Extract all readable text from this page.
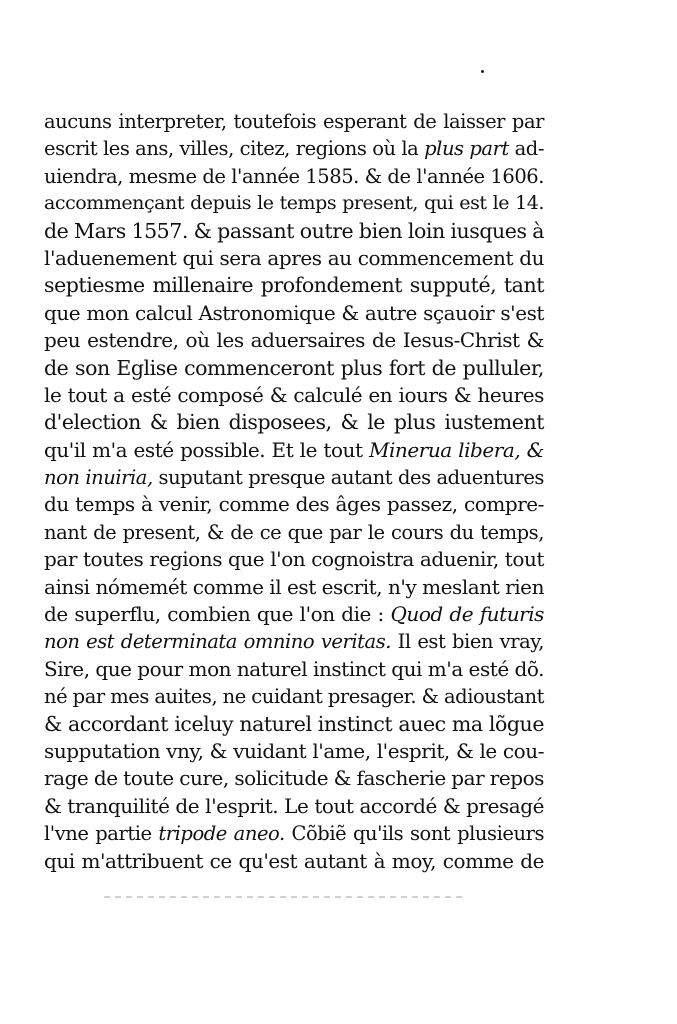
aucuns interpreter, toutefois esperant de laisser par
escrit les ans, villes, citez, regions où la plus part ad-
uiendra, mesme de l'année 1585. & de l'année 1606.
accommençant depuis le temps present, qui est le 14.
de Mars 1557. & passant outre bien loin iusques à
l'aduenement qui sera apres au commencement du
septiesme millenaire profondement supputé, tant
que mon calcul Astronomique & autre sçauoir s'est
peu estendre, où les aduersaires de Iesus-Christ &
de son Eglise commenceront plus fort de pulluler,
le tout a esté composé & calculé en iours & heures
d'election & bien disposees, & le plus iustement
qu'il m'a esté possible. Et le tout Minerua libera, &
non inuiria, suputant presque autant des aduentures
du temps à venir, comme des âges passez, compre-
nant de present, & de ce que par le cours du temps,
par toutes regions que l'on cognoistra aduenir, tout
ainsi nómemét comme il est escrit, n'y meslant rien
de superflu, combien que l'on die : Quod de futuris
non est determinata omnino veritas. Il est bien vray,
Sire, que pour mon naturel instinct qui m'a esté dõ.
né par mes auites, ne cuidant presager. & adioustant
& accordant iceluy naturel instinct auec ma lõgue
supputation vny, & vuidant l'ame, l'esprit, & le cou-
rage de toute cure, solicitude & fascherie par repos
& tranquilité de l'esprit. Le tout accordé & presagé
l'vne partie tripode aneo. Cõbiẽ qu'ils sont plusieurs
qui m'attribuent ce qu'est autant à moy, comme de
